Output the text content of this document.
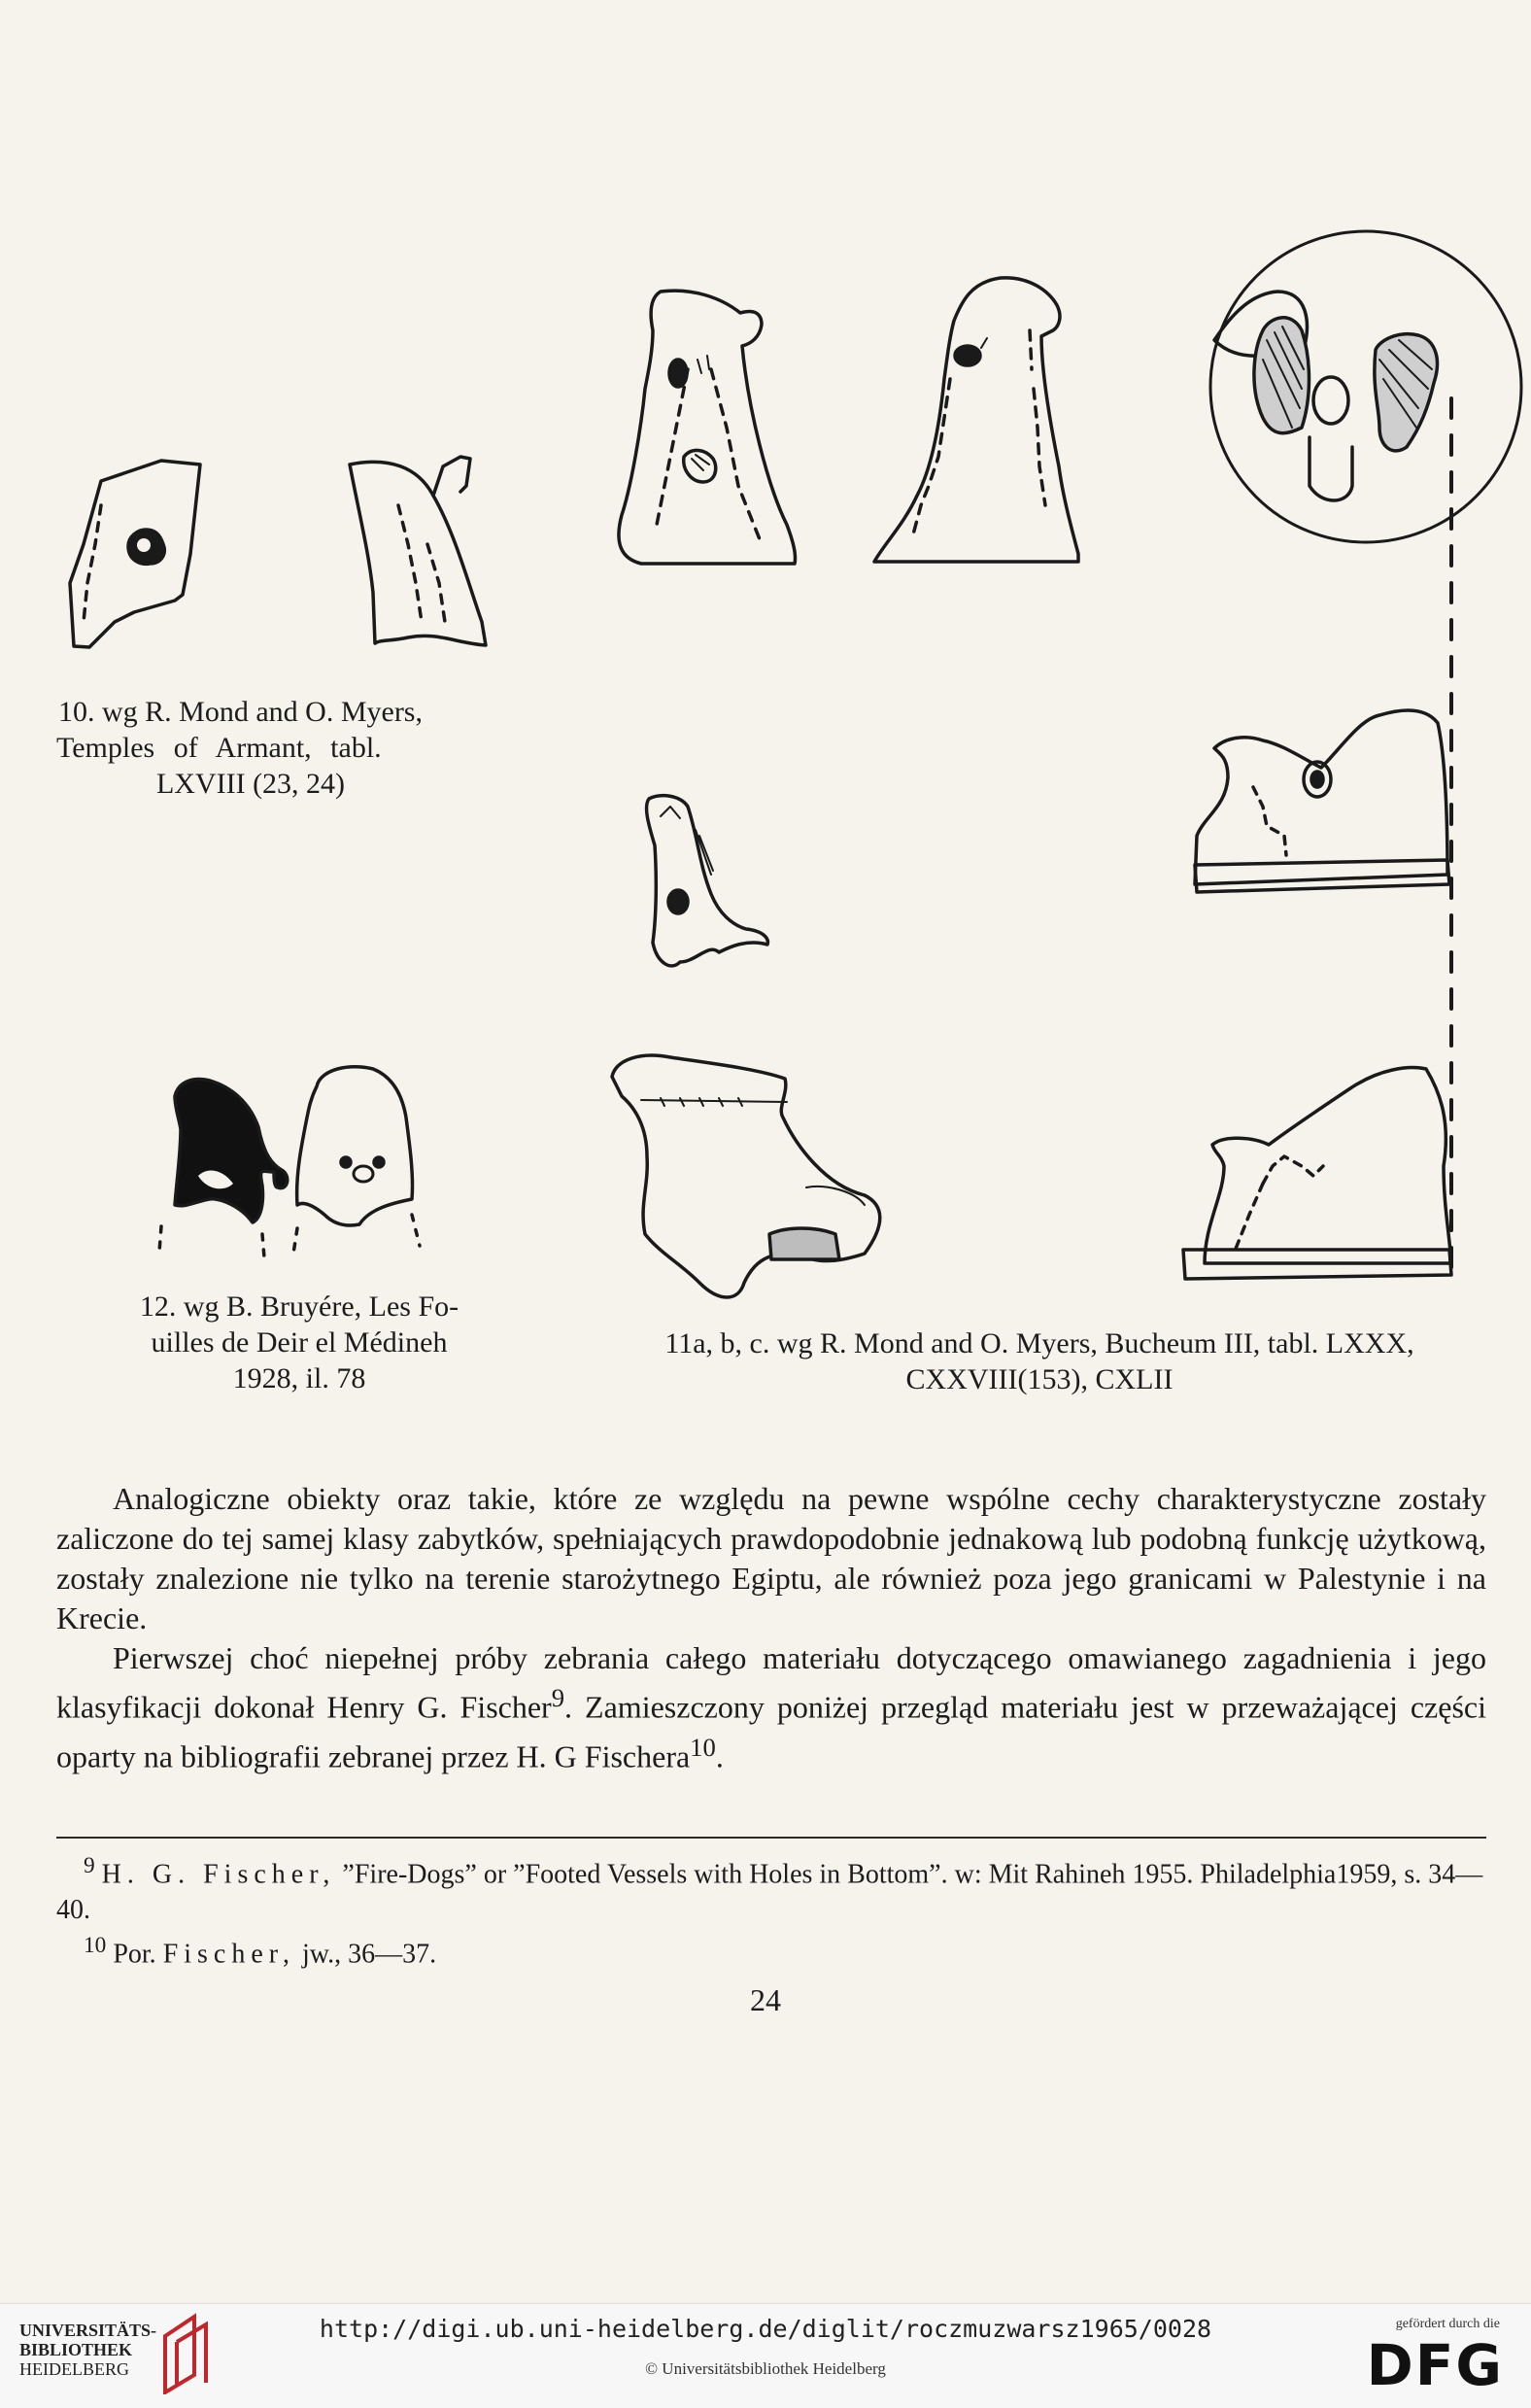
10. wg R. Mond and O. Myers,
Temples of Armant, tabl.
LXVIII (23, 24)
12. wg B. Bruyére, Les Fo-
uilles de Deir el Médineh
1928, il. 78
11a, b, c. wg R. Mond and O. Myers, Bucheum III, tabl. LXXX,
CXXVIII(153), CXLII

Analogiczne obiekty oraz takie, które ze względu na pewne wspólne cechy charakterystyczne zostały zaliczone do tej samej klasy zabytków, spełniających prawdopodobnie jednakową lub podobną funkcję użytkową, zostały znalezione nie tylko na terenie starożytnego Egiptu, ale również poza jego granicami w Palestynie i na Krecie.

Pierwszej choć niepełnej próby zebrania całego materiału dotyczącego omawianego zagadnienia i jego klasyfikacji dokonał Henry G. Fischer$^9$. Zamieszczony poniżej przegląd materiału jest w przeważającej części oparty na bibliografii zebranej przez H. G Fischera$^{10}$.

$^9$ H. G. Fischer, ”Fire-Dogs” or ”Footed Vessels with Holes in Bottom”. w: Mit Rahineh 1955. Philadelphia1959, s. 34—40.

$^{10}$ Por. Fischer, jw., 36—37.

24
UNIVERSITÄTS-
BIBLIOTHEK
HEIDELBERG
http://digi.ub.uni-heidelberg.de/diglit/roczmuzwarsz1965/0028
© Universitätsbibliothek Heidelberg
gefördert durch die
DFG
